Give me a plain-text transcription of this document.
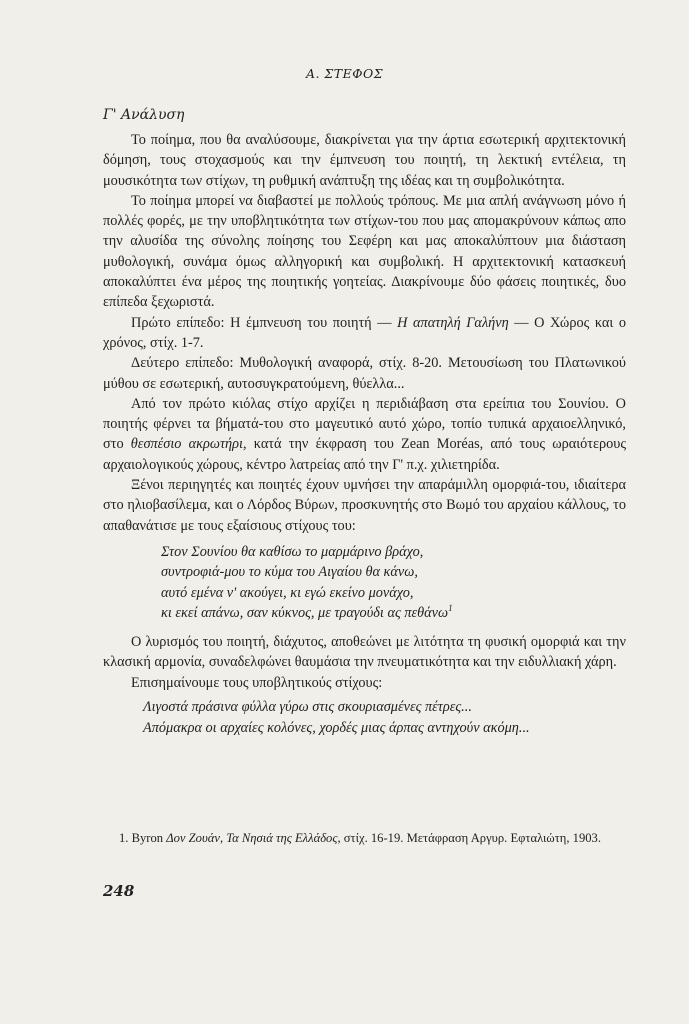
Α. ΣΤΕΦΟΣ
Γ' Ανάλυση

Το ποίημα, που θα αναλύσουμε, διακρίνεται για την άρτια εσωτερική αρχιτεκτονική δόμηση, τους στοχασμούς και την έμπνευση του ποιητή, τη λεκτική εντέλεια, τη μουσικότητα των στίχων, τη ρυθμική ανάπτυξη της ιδέας και τη συμβολικότητα.

Το ποίημα μπορεί να διαβαστεί με πολλούς τρόπους. Με μια απλή ανάγνωση μόνο ή πολλές φορές, με την υποβλητικότητα των στίχων-του που μας απομακρύνουν κάπως απο την αλυσίδα της σύνολης ποίησης του Σεφέρη και μας αποκαλύπτουν μια διάσταση μυθολογική, συνάμα όμως αλληγορική και συμβολική. Η αρχιτεκτονική κατασκευή αποκαλύπτει ένα μέρος της ποιητικής γοητείας. Διακρίνουμε δύο φάσεις ποιητικές, δυο επίπεδα ξεχωριστά.

Πρώτο επίπεδο: Η έμπνευση του ποιητή — Η απατηλή Γαλήνη — Ο Χώρος και ο χρόνος, στίχ. 1-7.

Δεύτερο επίπεδο: Μυθολογική αναφορά, στίχ. 8-20. Μετουσίωση του Πλατωνικού μύθου σε εσωτερική, αυτοσυγκρατούμενη, θύελλα...

Από τον πρώτο κιόλας στίχο αρχίζει η περιδιάβαση στα ερείπια του Σουνίου. Ο ποιητής φέρνει τα βήματά-του στο μαγευτικό αυτό χώρο, τοπίο τυπικά αρχαιοελληνικό, στο θεσπέσιο ακρωτήρι, κατά την έκφραση του Zean Moréas, από τους ωραιότερους αρχαιολογικούς χώρους, κέντρο λατρείας από την Γ' π.χ. χιλιετηρίδα.

Ξένοι περιηγητές και ποιητές έχουν υμνήσει την απαράμιλλη ομορφιά-του, ιδιαίτερα στο ηλιοβασίλεμα, και ο Λόρδος Βύρων, προσκυνητής στο Βωμό του αρχαίου κάλλους, το απαθανάτισε με τους εξαίσιους στίχους του:

Στον Σουνίου θα καθίσω το μαρμάρινο βράχο,
συντροφιά-μου το κύμα του Αιγαίου θα κάνω,
αυτό εμένα ν' ακούγει, κι εγώ εκείνο μονάχο,
κι εκεί απάνω, σαν κύκνος, με τραγούδι ας πεθάνω$^1$

Ο λυρισμός του ποιητή, διάχυτος, αποθεώνει με λιτότητα τη φυσική ομορφιά και την κλασική αρμονία, συναδελφώνει θαυμάσια την πνευματικότητα και την ειδυλλιακή χάρη.

Επισημαίνουμε τους υποβλητικούς στίχους:

Λιγοστά πράσινα φύλλα γύρω στις σκουριασμένες πέτρες...
Απόμακρα οι αρχαίες κολόνες, χορδές μιας άρπας αντηχούν ακόμη...
1. Byron Δον Ζουάν, Τα Νησιά της Ελλάδος, στίχ. 16-19. Μετάφραση Αργυρ. Εφταλιώτη, 1903.
248
